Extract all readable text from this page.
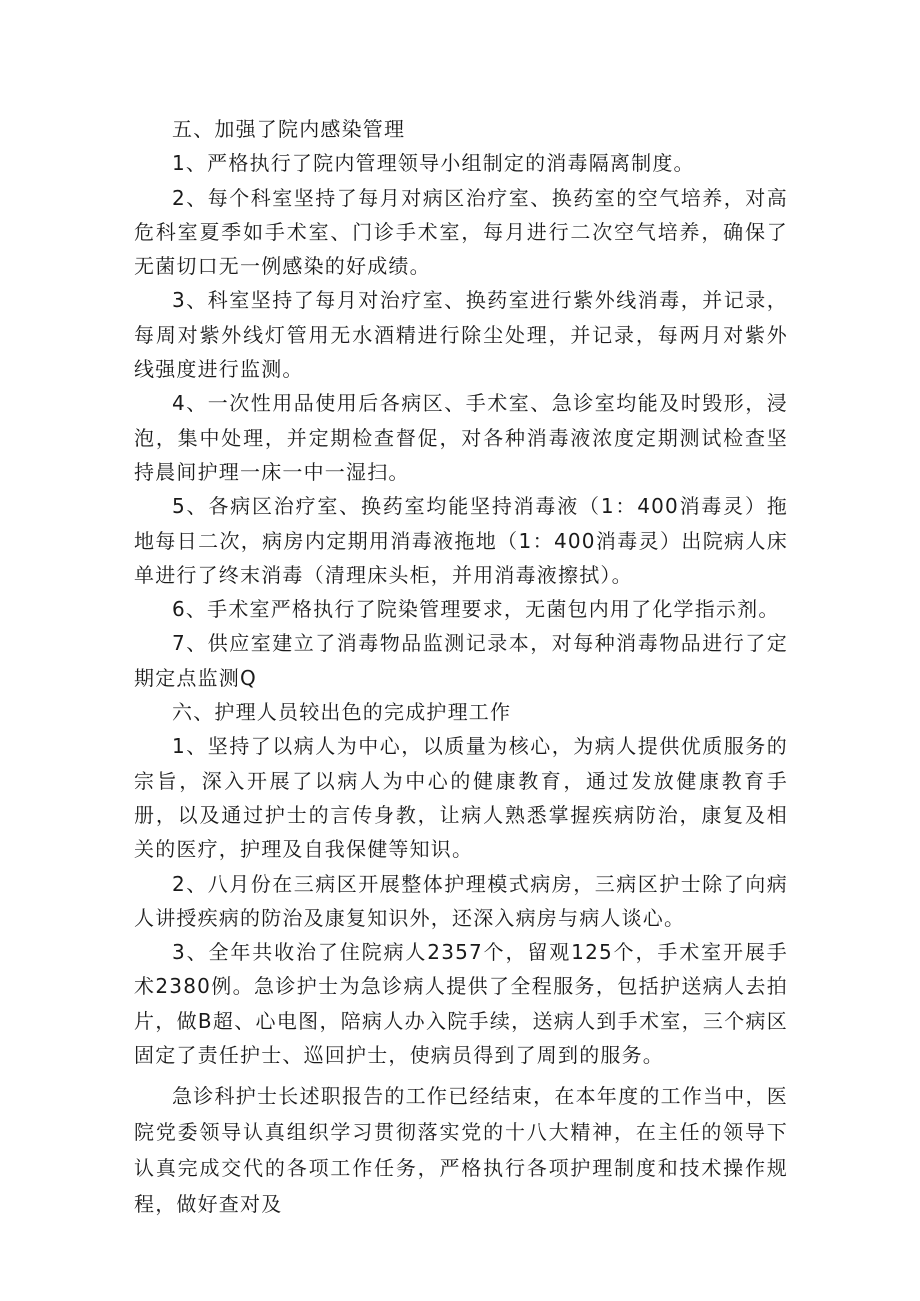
五、加强了院内感染管理

1、严格执行了院内管理领导小组制定的消毒隔离制度。

2、每个科室坚持了每月对病区治疗室、换药室的空气培养，对高危科室夏季如手术室、门诊手术室，每月进行二次空气培养，确保了无菌切口无一例感染的好成绩。

3、科室坚持了每月对治疗室、换药室进行紫外线消毒，并记录，每周对紫外线灯管用无水酒精进行除尘处理，并记录，每两月对紫外线强度进行监测。

4、一次性用品使用后各病区、手术室、急诊室均能及时毁形，浸泡，集中处理，并定期检查督促，对各种消毒液浓度定期测试检查坚持晨间护理一床一中一湿扫。

5、各病区治疗室、换药室均能坚持消毒液（1：400消毒灵）拖地每日二次，病房内定期用消毒液拖地（1：400消毒灵）出院病人床单进行了终末消毒（清理床头柜，并用消毒液擦拭）。

6、手术室严格执行了院染管理要求，无菌包内用了化学指示剂。

7、供应室建立了消毒物品监测记录本，对每种消毒物品进行了定期定点监测Q

六、护理人员较出色的完成护理工作

1、坚持了以病人为中心，以质量为核心，为病人提供优质服务的宗旨，深入开展了以病人为中心的健康教育，通过发放健康教育手册，以及通过护士的言传身教，让病人熟悉掌握疾病防治，康复及相关的医疗，护理及自我保健等知识。

2、八月份在三病区开展整体护理模式病房，三病区护士除了向病人讲授疾病的防治及康复知识外，还深入病房与病人谈心。

3、全年共收治了住院病人2357个，留观125个，手术室开展手术2380例。急诊护士为急诊病人提供了全程服务，包括护送病人去拍片，做B超、心电图，陪病人办入院手续，送病人到手术室，三个病区固定了责任护士、巡回护士，使病员得到了周到的服务。

急诊科护士长述职报告的工作已经结束，在本年度的工作当中，医院党委领导认真组织学习贯彻落实党的十八大精神，在主任的领导下认真完成交代的各项工作任务，严格执行各项护理制度和技术操作规程，做好查对及
